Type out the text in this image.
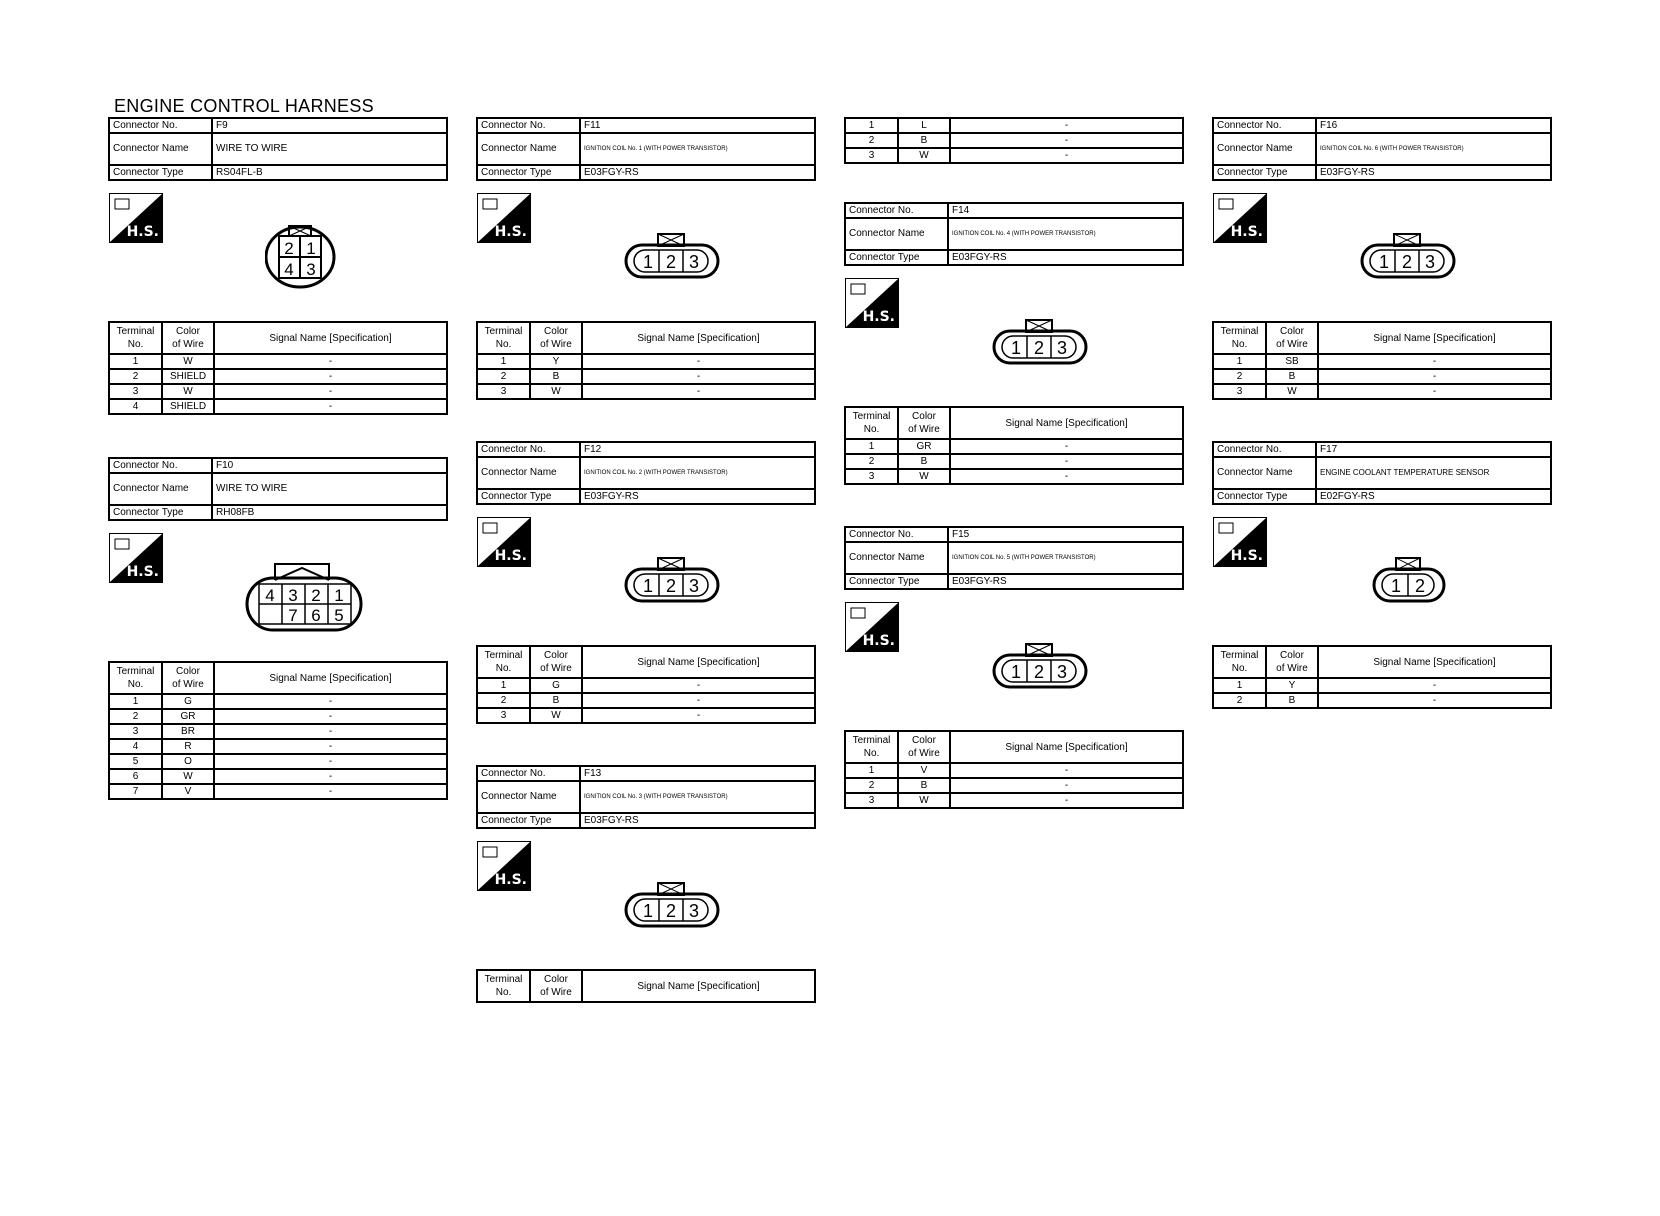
ENGINE CONTROL HARNESS
Connector No.	F9
Connector Name	WIRE TO WIRE
Connector Type	RS04FL-B
H.S.
2 1
4 3
Terminal
No.	Color
of Wire	Signal Name [Specification]
1	W	-
2	SHIELD	-
3	W	-
4	SHIELD	-
Connector No.	F10
Connector Name	WIRE TO WIRE
Connector Type	RH08FB
H.S.
4 3 2 1
7 6 5
Terminal
No.	Color
of Wire	Signal Name [Specification]
1	G	-
2	GR	-
3	BR	-
4	R	-
5	O	-
6	W	-
7	V	-
Connector No.	F11
Connector Name	IGNITION COIL No. 1 (WITH POWER TRANSISTOR)
Connector Type	E03FGY-RS
H.S.
1 2 3
Terminal
No.	Color
of Wire	Signal Name [Specification]
1	Y	-
2	B	-
3	W	-
Connector No.	F12
Connector Name	IGNITION COIL No. 2 (WITH POWER TRANSISTOR)
Connector Type	E03FGY-RS
H.S.
1 2 3
Terminal
No.	Color
of Wire	Signal Name [Specification]
1	G	-
2	B	-
3	W	-
Connector No.	F13
Connector Name	IGNITION COIL No. 3 (WITH POWER TRANSISTOR)
Connector Type	E03FGY-RS
H.S.
1 2 3
Terminal
No.	Color
of Wire	Signal Name [Specification]
1	L	-
2	B	-
3	W	-
Connector No.	F14
Connector Name	IGNITION COIL No. 4 (WITH POWER TRANSISTOR)
Connector Type	E03FGY-RS
H.S.
1 2 3
Terminal
No.	Color
of Wire	Signal Name [Specification]
1	GR	-
2	B	-
3	W	-
Connector No.	F15
Connector Name	IGNITION COIL No. 5 (WITH POWER TRANSISTOR)
Connector Type	E03FGY-RS
H.S.
1 2 3
Terminal
No.	Color
of Wire	Signal Name [Specification]
1	V	-
2	B	-
3	W	-
Connector No.	F16
Connector Name	IGNITION COIL No. 6 (WITH POWER TRANSISTOR)
Connector Type	E03FGY-RS
H.S.
1 2 3
Terminal
No.	Color
of Wire	Signal Name [Specification]
1	SB	-
2	B	-
3	W	-
Connector No.	F17
Connector Name	ENGINE COOLANT TEMPERATURE SENSOR
Connector Type	E02FGY-RS
H.S.
1 2
Terminal
No.	Color
of Wire	Signal Name [Specification]
1	Y	-
2	B	-
